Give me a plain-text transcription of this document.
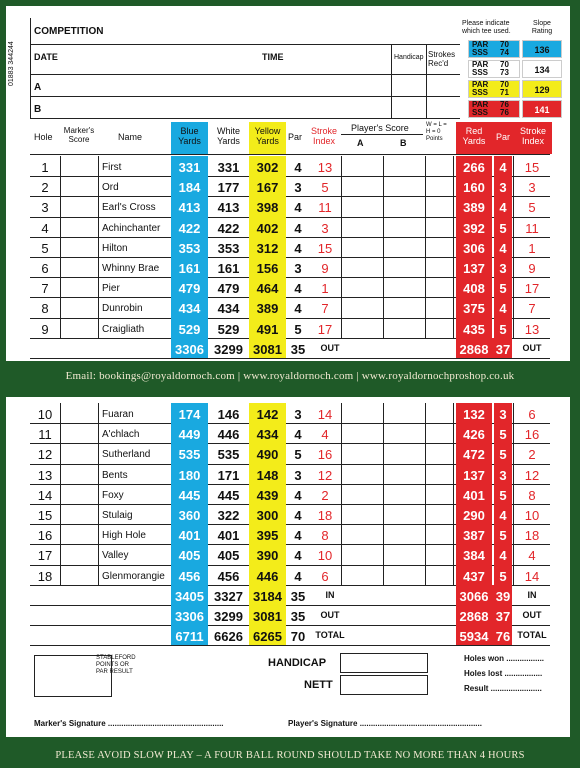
COMPETITION
DATE	TIME	Handicap Strokes Rec'd
A
B
01883 344244
Please indicate which tee used.
Slope Rating
PAR 70
SSS 74	136
PAR 70
SSS 73	134
PAR 70
SSS 71	129
PAR 76
SSS 76	141
Hole
Marker's Score	Name
Blue Yards
White Yards
Yellow Yards	Par
Stroke Index
Player's Score
A	B
W = L = H = 0 Points
Red Yards	Par
Stroke Index
1	First	331	331	302	4	13	266	4	15
2	Ord	184	177	167	3	5	160	3	3
3	Earl's Cross	413	413	398	4	11	389	4	5
4	Achinchanter	422	422	402	4	3	392	5	11
5	Hilton	353	353	312	4	15	306	4	1
6	Whinny Brae	161	161	156	3	9	137	3	9
7	Pier	479	479	464	4	1	408	5	17
8	Dunrobin	434	434	389	4	7	375	4	7
9	Craigliath	529	529	491	5	17	435	5	13
3306 3299 3081 35	OUT	2868 37	OUT
Email: bookings@royaldornoch.com | www.royaldornoch.com | www.royaldornochproshop.co.uk
10	Fuaran	174	146	142	3	14	132	3	6
11	A'chlach	449	446	434	4	4	426	5	16
12	Sutherland	535	535	490	5	16	472	5	2
13	Bents	180	171	148	3	12	137	3	12
14	Foxy	445	445	439	4	2	401	5	8
15	Stulaig	360	322	300	4	18	290	4	10
16	High Hole	401	401	395	4	8	387	5	18
17	Valley	405	405	390	4	10	384	4	4
18	Glenmorangie	456	456	446	4	6	437	5	14
3405 3327 3184 35	IN	3066 39	IN
3306 3299 3081 35	OUT	2868 37	OUT
6711 6626 6265 70	TOTAL	5934 76 TOTAL
STABLEFORD POINTS OR PAR RESULT
HANDICAP
NETT
Holes won .................
Holes lost .................
Result .......................
Marker's Signature ....................................................	Player's Signature .......................................................
PLEASE AVOID SLOW PLAY – A FOUR BALL ROUND SHOULD TAKE NO MORE THAN 4 HOURS
